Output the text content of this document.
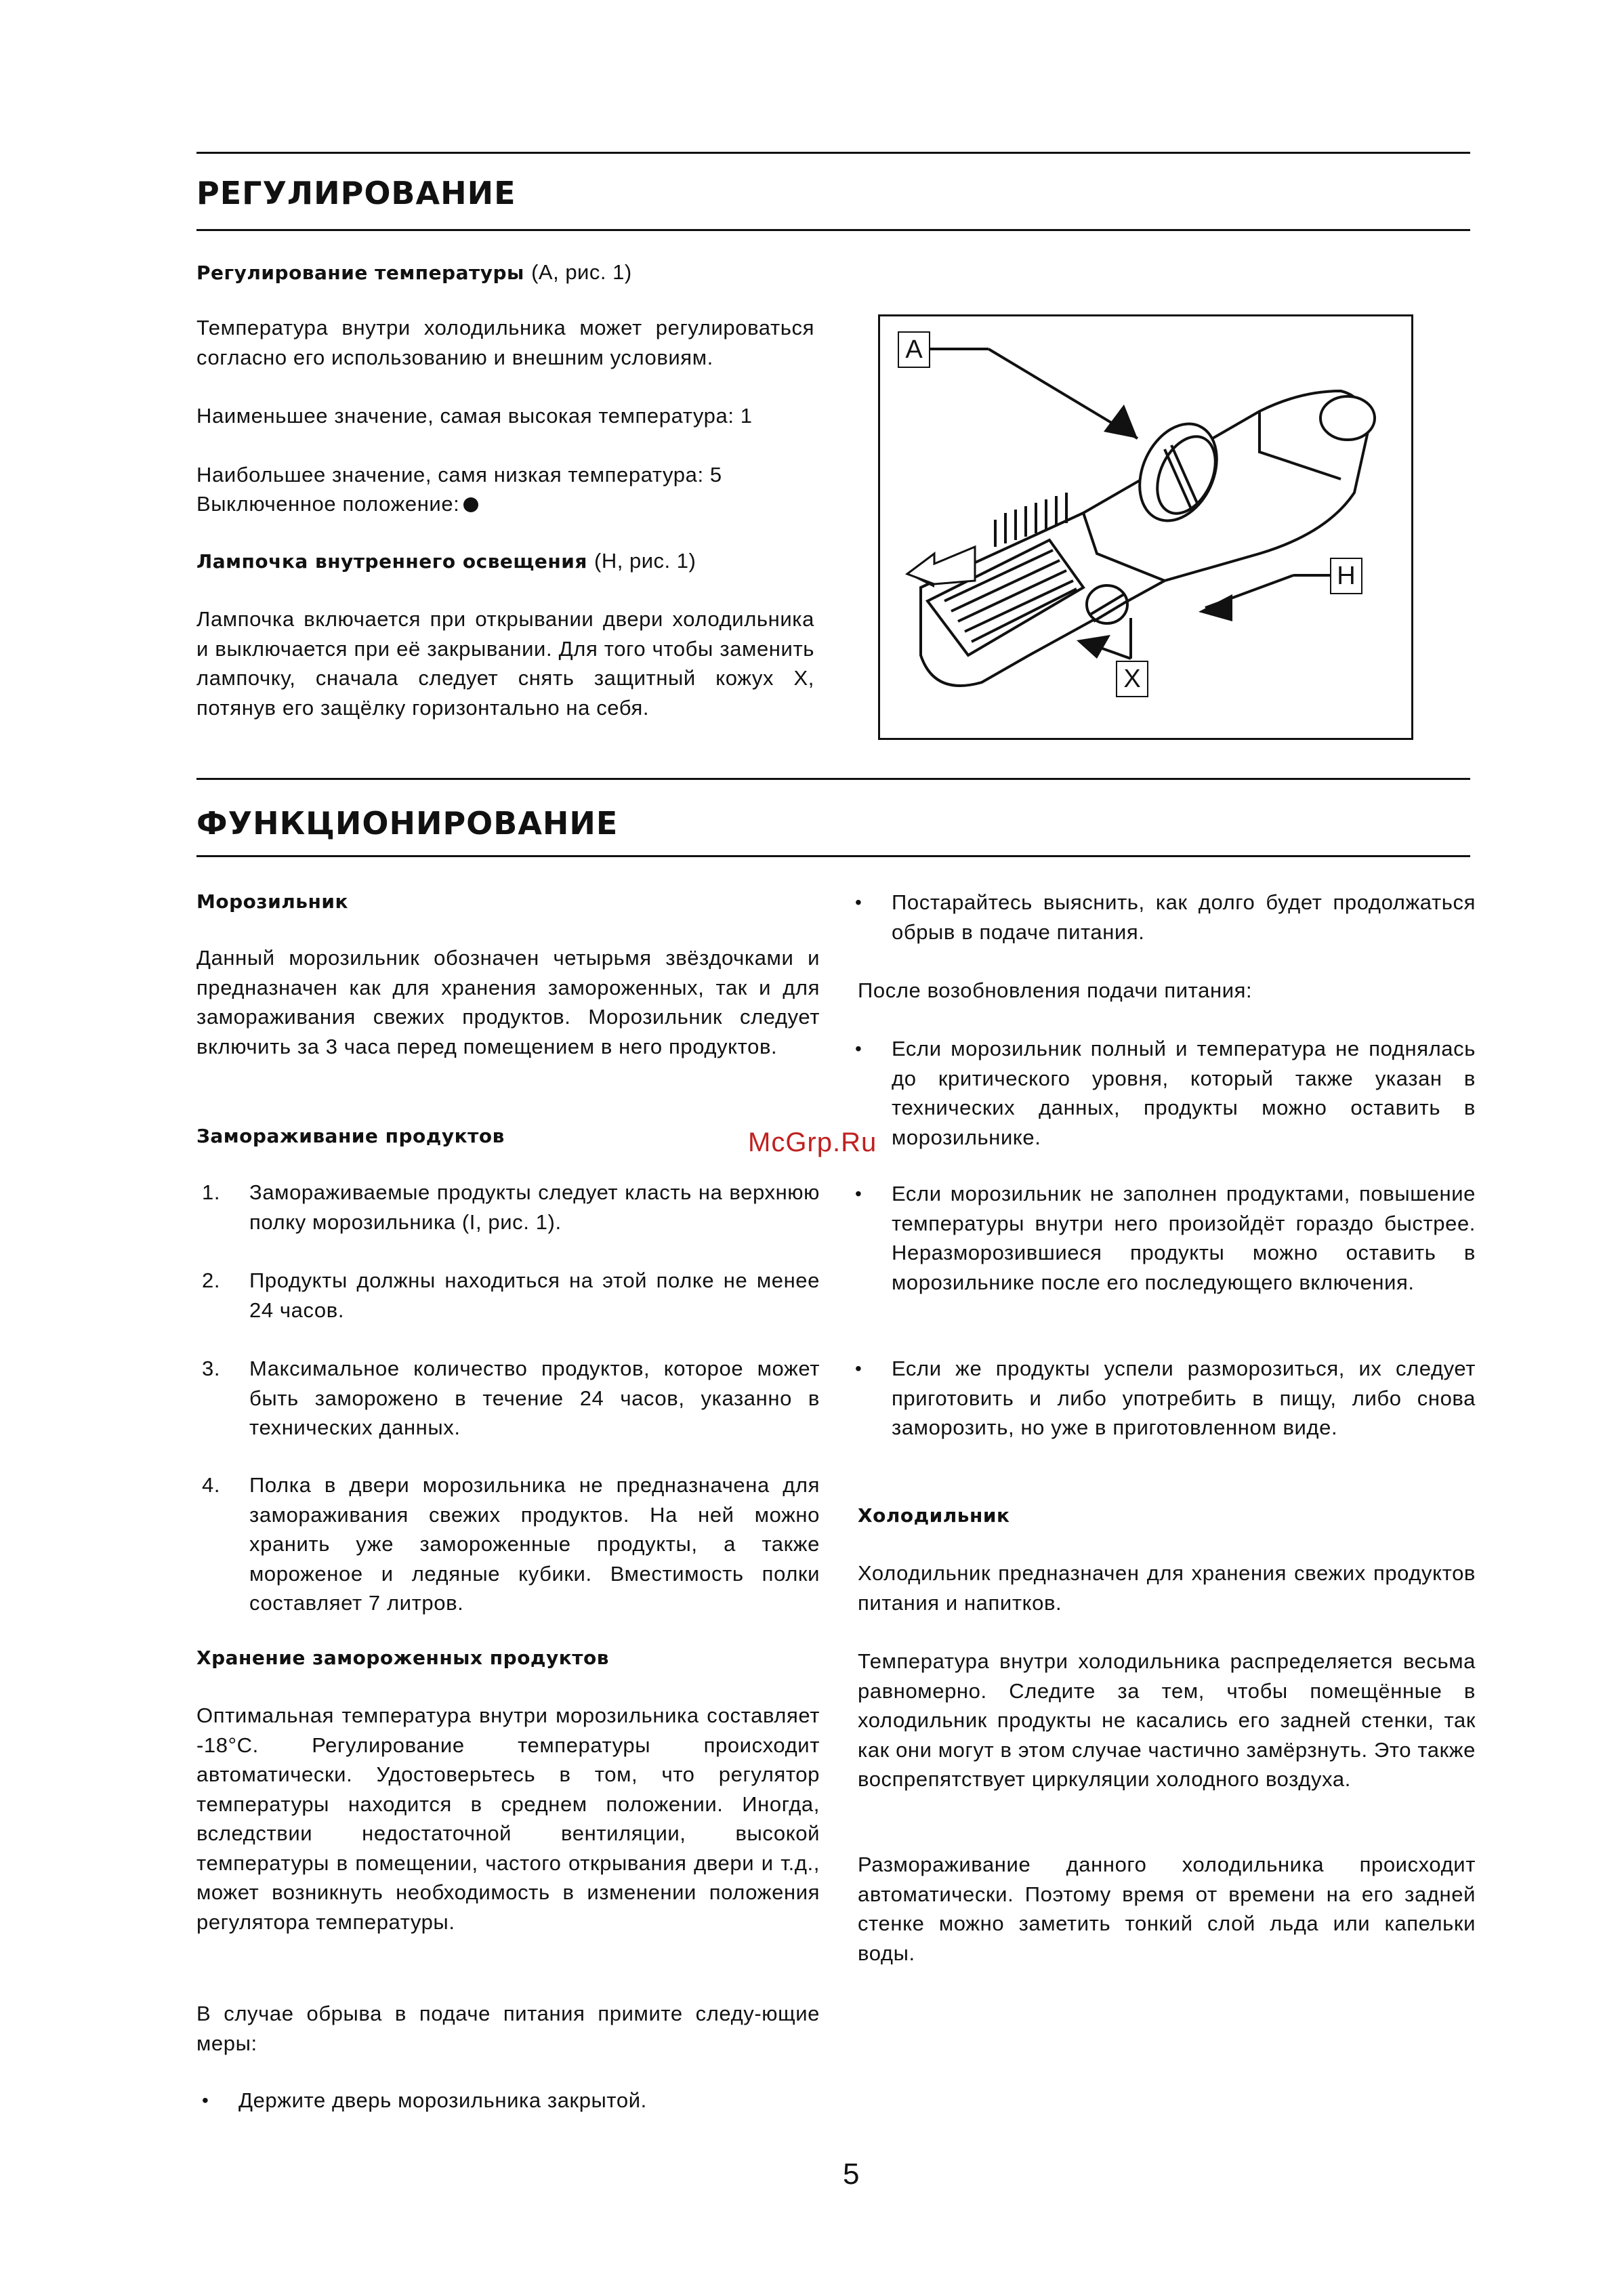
РЕГУЛИРОВАНИЕ
Регулирование температуры (А, рис. 1)

Температура внутри холодильника может регулироваться согласно его использованию и внешним условиям.

Наименьшее значение, самая высокая температура: 1

Наибольшее значение, самя низкая температура: 5

Выключенное положение:

Лампочка внутреннего освещения (H, рис. 1)

Лампочка включается при открывании двери холодильника и выключается при её закрывании. Для того чтобы заменить лампочку, сначала следует снять защитный кожух X, потянув его защёлку горизонтально на себя.

A
H
X
ФУНКЦИОНИРОВАНИЕ
Морозильник

Данный морозильник обозначен четырьмя звёздочками и предназначен как для хранения замороженных, так и для замораживания свежих продуктов. Морозильник следует включить за 3 часа перед помещением в него продуктов.

Замораживание продуктов
1. Замораживаемые продукты следует класть на верхнюю полку морозильника (I, рис. 1).

2. Продукты должны находиться на этой полке не менее 24 часов.

3. Максимальное количество продуктов, которое может быть заморожено в течение 24 часов, указанно в технических данных.

4. Полка в двери морозильника не предназначена для замораживания свежих продуктов. На ней можно хранить уже замороженные продукты, а также мороженое и ледяные кубики. Вместимость полки составляет 7 литров.

Хранение замороженных продуктов

Оптимальная температура внутри морозильника составляет -18°С. Регулирование температуры происходит автоматически. Удостоверьтесь в том, что регулятор температуры находится в среднем положении. Иногда, вследствии недостаточной вентиляции, высокой температуры в помещении, частого открывания двери и т.д., может возникнуть необходимость в изменении положения регулятора температуры.

В случае обрыва в подаче питания примите следу-ющие меры:

• Держите дверь морозильника закрытой.

• Постарайтесь выяснить, как долго будет продолжаться обрыв в подаче питания.

После возобновления подачи питания:

• Если морозильник полный и температура не поднялась до критического уровня, который также указан в технических данных, продукты можно оставить в морозильнике.

• Если морозильник не заполнен продуктами, повышение температуры внутри него произойдёт гораздо быстрее. Неразморозившиеся продукты можно оставить в морозильнике после его последующего включения.

• Если же продукты успели разморозиться, их следует приготовить и либо употребить в пищу, либо снова заморозить, но уже в приготовленном виде.

Холодильник

Холодильник предназначен для хранения свежих продуктов питания и напитков.

Температура внутри холодильника распределяется весьма равномерно. Следите за тем, чтобы помещённые в холодильник продукты не касались его задней стенки, так как они могут в этом случае частично замёрзнуть. Это также воспрепятствует циркуляции холодного воздуха.

Размораживание данного холодильника происходит автоматически. Поэтому время от времени на его задней стенке можно заметить тонкий слой льда или капельки воды.

McGrp.Ru
5
